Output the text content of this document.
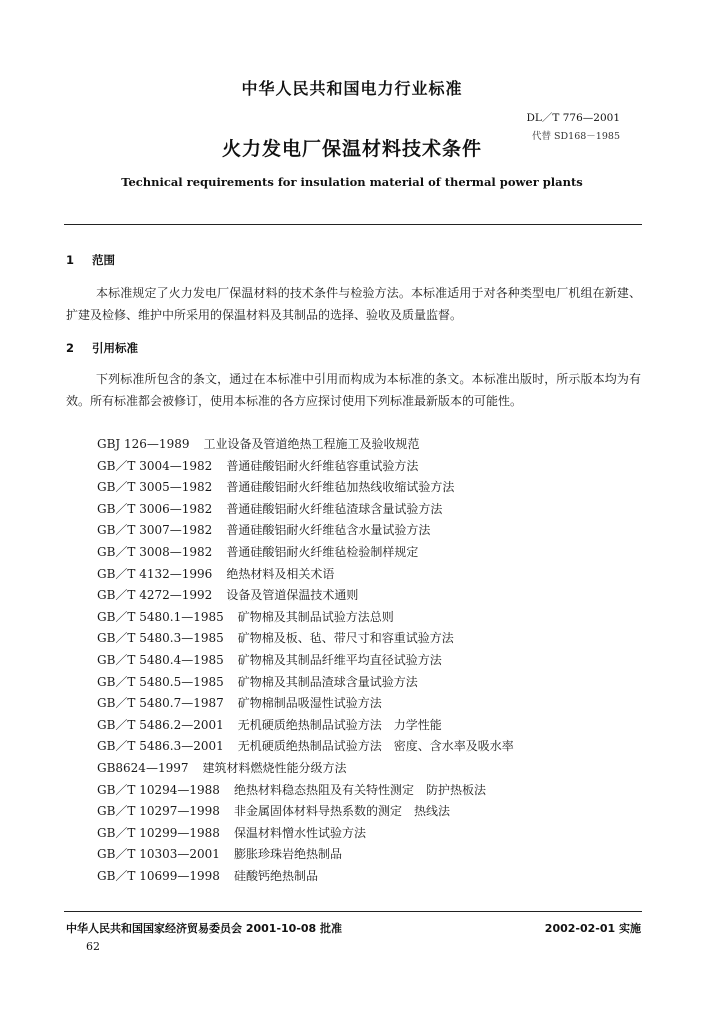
中华人民共和国电力行业标准
DL／T 776—2001
代替 SD168－1985
火力发电厂保温材料技术条件
Technical requirements for insulation material of thermal power plants
1 范围
本标准规定了火力发电厂保温材料的技术条件与检验方法。本标准适用于对各种类型电厂机组在新建、扩建及检修、维护中所采用的保温材料及其制品的选择、验收及质量监督。
2 引用标准
下列标准所包含的条文，通过在本标准中引用而构成为本标准的条文。本标准出版时，所示版本均为有效。所有标准都会被修订，使用本标准的各方应探讨使用下列标准最新版本的可能性。
GBJ 126—1989 工业设备及管道绝热工程施工及验收规范
GB／T 3004—1982 普通硅酸铝耐火纤维毡容重试验方法
GB／T 3005—1982 普通硅酸铝耐火纤维毡加热线收缩试验方法
GB／T 3006—1982 普通硅酸铝耐火纤维毡渣球含量试验方法
GB／T 3007—1982 普通硅酸铝耐火纤维毡含水量试验方法
GB／T 3008—1982 普通硅酸铝耐火纤维毡检验制样规定
GB／T 4132—1996 绝热材料及相关术语
GB／T 4272—1992 设备及管道保温技术通则
GB／T 5480.1—1985 矿物棉及其制品试验方法总则
GB／T 5480.3—1985 矿物棉及板、毡、带尺寸和容重试验方法
GB／T 5480.4—1985 矿物棉及其制品纤维平均直径试验方法
GB／T 5480.5—1985 矿物棉及其制品渣球含量试验方法
GB／T 5480.7—1987 矿物棉制品吸湿性试验方法
GB／T 5486.2—2001 无机硬质绝热制品试验方法　力学性能
GB／T 5486.3—2001 无机硬质绝热制品试验方法　密度、含水率及吸水率
GB8624—1997 建筑材料燃烧性能分级方法
GB／T 10294—1988 绝热材料稳态热阻及有关特性测定　防护热板法
GB／T 10297—1998 非金属固体材料导热系数的测定　热线法
GB／T 10299—1988 保温材料憎水性试验方法
GB／T 10303—2001 膨胀珍珠岩绝热制品
GB／T 10699—1998 硅酸钙绝热制品
中华人民共和国国家经济贸易委员会 2001-10-08 批准	2002-02-01 实施
62
